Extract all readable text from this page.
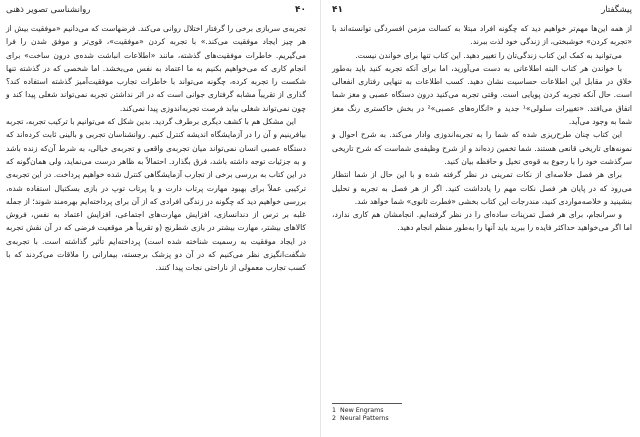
۴۰
روانشناسی تصویر ذهنی

تجربه‌ی سربازی برخی را گرفتار اختلال روانی می‌کند. فرضهاست که می‌دانیم «موفقیت بیش از هر چیز ایجاد موفقیت می‌کند.» با تجربه کردن «موفقیت»، قوی‌تر و موفق شدن را فرا می‌گیریم. خاطرات موفقیت‌های گذشته، مانند «اطلاعات انباشت شده‌ی درون ساخت» برای انجام کاری که می‌خواهیم بکنیم به ما اعتماد به نفس می‌بخشد. اما شخصی که در گذشته تنها شکست را تجربه کرده، چگونه می‌تواند با خاطرات تجارب موفقیت‌آمیز گذشته استفاده کند؟ گذاری از تقریباً مشابه گرفتاری جوانی است که در اثر نداشتن تجربه نمی‌تواند شغلی پیدا کند و چون نمی‌تواند شغلی بیابد فرصت تجربه‌اندوزی پیدا نمی‌کند.

این مشکل هم با کشف دیگری برطرف گردید. بدین شکل که می‌توانیم با ترکیب تجربه، تجربه بیافرینیم و آن را در آزمایشگاه اندیشه کنترل کنیم. روانشناسان تجربی و بالینی ثابت کرده‌اند که دستگاه عصبی انسان نمی‌تواند میان تجربه‌ی واقعی و تجربه‌ی خیالی، به شرط آن‌که زنده باشد و به جزئیات توجه داشته باشد، فرق بگذارد. احتمالاً به ظاهر درست می‌نماید، ولی همان‌گونه که در این کتاب به بررسی برخی از تجارب آزمایشگاهی کنترل شده خواهیم پرداخت. در این تجربه‌ی ترکیبی عملاً برای بهبود مهارت پرتاب دارت و یا پرتاب توپ در بازی بسکتبال استفاده شده، بررسی خواهیم دید که چگونه در زندگی افرادی که از آن برای پرداخته‌ایم بهره‌مند شوند؛ از جمله غلبه بر ترس از دندانسازی، افزایش مهارت‌های اجتماعی، افزایش اعتماد به نفس، فروش کالاهای بیشتر، مهارت بیشتر در بازی شطرنج (و تقریباً هر موقعیت فرضی که در آن نقش تجربه در ایجاد موفقیت به رسمیت شناخته شده است) پرداخته‌ایم تأثیر گذاشته است. با تجربه‌ی شگفت‌انگیزی نظر می‌کنیم که در آن دو پزشک برجسته، بیمارانی را ملاقات می‌کردند که با کسب تجارب معمولی از ناراحتی نجات پیدا کنند.

پیشگفتار
۴۱

از همه این‌ها مهم‌تر خواهیم دید که چگونه افراد مبتلا به کسالت مزمن افسردگی توانسته‌اند با «تجربه کردن» خوشبختی، از زندگی خود لذت ببرند.

می‌توانید به کمک این کتاب زندگی‌تان را تغییر دهید. این کتاب تنها برای خواندن نیست.

با خواندن هر کتاب البته اطلاعاتی به دست می‌آورید، اما برای آنکه تجربه کنید باید به‌طور خلاق در مقابل این اطلاعات حساسیت نشان دهید. کسب اطلاعات به تنهایی رفتاری انفعالی است. حال آنکه تجربه کردن پویایی است. وقتی تجربه می‌کنید درون دستگاه عصبی و مغز شما اتفاق می‌افتد. «تغییرات سلولی»¹ جدید و «انگاره‌های عصبی»² در بخش خاکستری رنگ مغز شما به وجود می‌آید.

این کتاب چنان طرح‌ریزی شده که شما را به تجربه‌اندوزی وادار می‌کند. به شرح احوال و نمونه‌های تاریخی قانعی هستند. شما تخمین زده‌اند و از شرح وظیفه‌ی شماست که شرح تاریخی سرگذشت خود را با رجوع به قوه‌ی تخیل و حافظه بیان کنید.

برای هر فصل خلاصه‌ای از نکات تمرینی در نظر گرفته شده و با این حال از شما انتظار می‌رود که در پایان هر فصل نکات مهم را یادداشت کنید. اگر از هر فصل به تجربه و تحلیل بنشینید و خلاصه‌مواردی کنید، مندرجات این کتاب بخشی «فطرت ثانوی» شما خواهد شد.

و سرانجام، برای هر فصل تمرینات ساده‌ای را در نظر گرفته‌ایم. انجامشان هم کاری ندارد، اما اگر می‌خواهید حداکثر فایده را ببرید باید آنها را به‌طور منظم انجام دهید.

1 New Engrams
2 Neural Patterns
